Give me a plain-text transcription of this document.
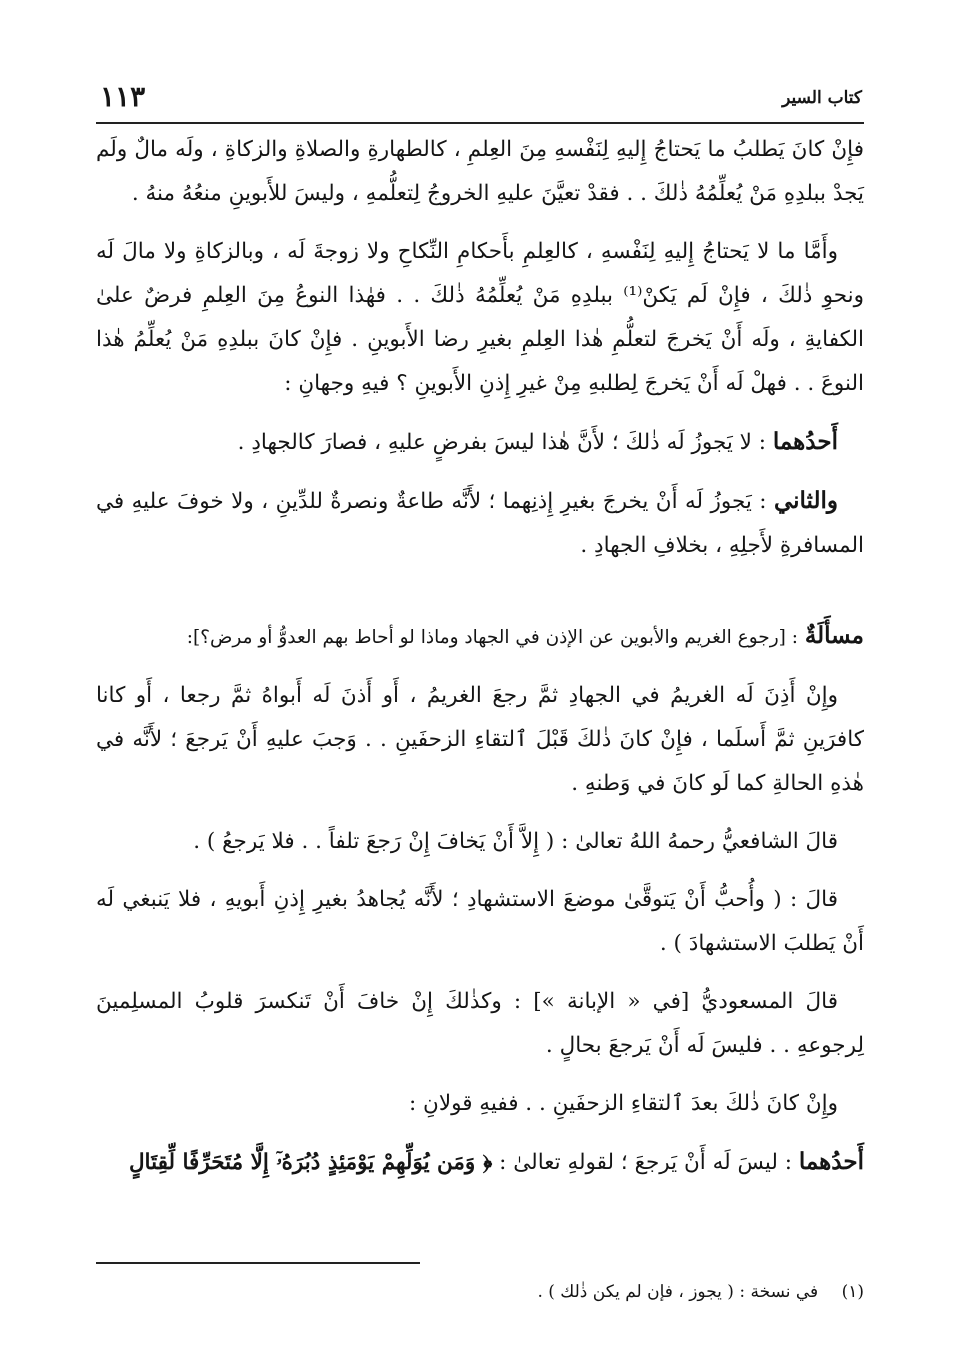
كتاب السير
١١٣

فإِنْ كانَ يَطلبُ ما يَحتاجُ إِليهِ لِنَفْسهِ مِنَ العِلمِ ، كالطهارةِ والصلاةِ والزكاةِ ، ولَه مالٌ ولَم يَجدْ ببلدِهِ مَنْ يُعلِّمُهُ ذٰلكَ . . فقدْ تعيَّنَ عليهِ الخروجُ لِتعلُّمهِ ، وليسَ للأَبوينِ منعُهُ منهُ .

وأَمَّا ما لا يَحتاجُ إِليهِ لِنَفْسهِ ، كالعِلمِ بأَحكامِ النِّكاحِ ولا زوجةَ لَه ، وبالزكاةِ ولا مالَ لَه ونحوِ ذٰلكَ ، فإِنْ لَم يَكنْ⁽¹⁾ ببلدِهِ مَنْ يُعلِّمُهُ ذٰلكَ . . فهٰذا النوعُ مِنَ العِلمِ فرضٌ علىٰ الكفايةِ ، ولَه أَنْ يَخرجَ لتعلُّمِ هٰذا العِلمِ بغيرِ رضا الأَبوينِ . فإِنْ كانَ ببلدِهِ مَنْ يُعلِّمُ هٰذا النوعَ . . فهلْ لَه أَنْ يَخرجَ لِطلبهِ مِنْ غيرِ إِذنِ الأَبوينِ ؟ فيهِ وجهانِ :

أَحدُهما : لا يَجوزُ لَه ذٰلكَ ؛ لأَنَّ هٰذا ليسَ بفرضٍ عليهِ ، فصارَ كالجهادِ .

والثاني : يَجوزُ لَه أَنْ يخرجَ بغيرِ إِذنِهما ؛ لأَنَّه طاعةٌ ونصرةٌ للدِّينِ ، ولا خوفَ عليهِ في المسافرةِ لأَجلِهِ ، بخلافِ الجهادِ .

مسأَلَةٌ : [رجوع الغريم والأبوين عن الإذن في الجهاد وماذا لو أحاط بهم العدوُّ أو مرض؟]:

وإِنْ أَذِنَ لَه الغريمُ في الجهادِ ثمَّ رجعَ الغريمُ ، أَو أَذنَ لَه أَبواهُ ثمَّ رجعا ، أَو كانا كافرَينِ ثمَّ أَسلَما ، فإِنْ كانَ ذٰلكَ قَبْلَ ٱلتقاءِ الزحفَينِ . . وَجبَ عليهِ أَنْ يَرجعَ ؛ لأَنَّه في هٰذهِ الحالةِ كما لَو كانَ في وَطنهِ .

قالَ الشافعيُّ رحمهُ اللهُ تعالىٰ : ( إِلاَّ أَنْ يَخافَ إِنْ رَجعَ تلفاً . . فلا يَرجعُ ) .

قالَ : ( وأُحبُّ أَنْ يَتوقَّىٰ موضعَ الاستشهادِ ؛ لأَنَّه يُجاهدُ بغيرِ إِذنِ أَبويهِ ، فلا يَنبغي لَه أَنْ يَطلبَ الاستشهادَ ) .

قالَ المسعوديُّ [في « الإبانة »] : وكذٰلكَ إِنْ خافَ أَنْ تَنكسرَ قلوبُ المسلِمينَ لِرجوعهِ . . فليسَ لَه أَنْ يَرجعَ بحالٍ .

وإِنْ كانَ ذٰلكَ بعدَ ٱلتقاءِ الزحفَينِ . . ففيهِ قولانِ :

أَحدُهما : ليسَ لَه أَنْ يَرجعَ ؛ لقولهِ تعالىٰ : ﴿ وَمَن يُوَلِّهِمْ يَوْمَئِذٍ دُبُرَهُۥٓ إِلَّا مُتَحَرِّفًا لِّقِتَالٍ

(١) في نسخة : ( يجوز ، فإن لم يكن ذٰلك ) .
